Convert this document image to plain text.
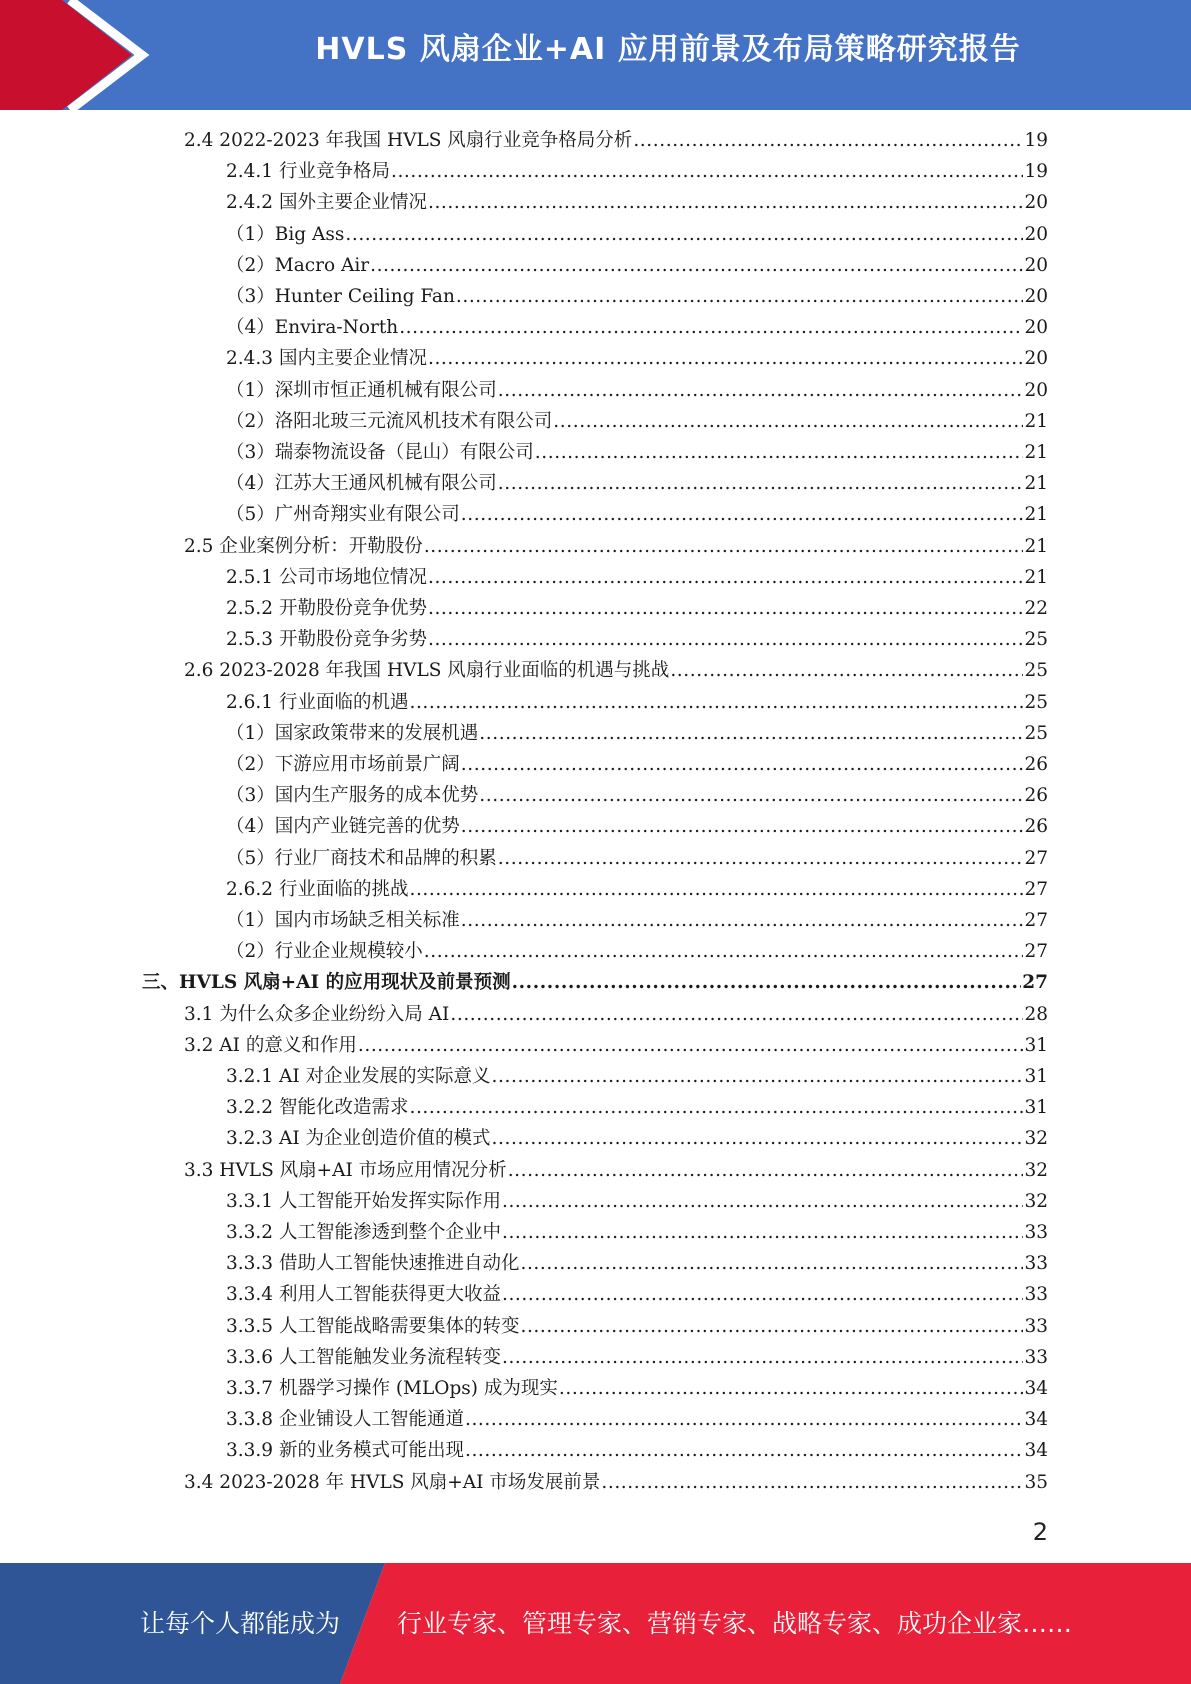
HVLS 风扇企业+AI 应用前景及布局策略研究报告
2.4 2022-2023 年我国 HVLS 风扇行业竞争格局分析 .....	19
2.4.1 行业竞争格局 .....	19
2.4.2 国外主要企业情况 .....	20
（1）Big Ass .....	20
（2）Macro Air .....	20
（3）Hunter Ceiling Fan .....	20
（4）Envira-North .....	20
2.4.3 国内主要企业情况 .....	20
（1）深圳市恒正通机械有限公司 .....	20
（2）洛阳北玻三元流风机技术有限公司 .....	21
（3）瑞泰物流设备（昆山）有限公司 .....	21
（4）江苏大王通风机械有限公司 .....	21
（5）广州奇翔实业有限公司 .....	21
2.5 企业案例分析：开勒股份 .....	21
2.5.1 公司市场地位情况 .....	21
2.5.2 开勒股份竞争优势 .....	22
2.5.3 开勒股份竞争劣势 .....	25
2.6 2023-2028 年我国 HVLS 风扇行业面临的机遇与挑战 .....	25
2.6.1 行业面临的机遇 .....	25
（1）国家政策带来的发展机遇 .....	25
（2）下游应用市场前景广阔 .....	26
（3）国内生产服务的成本优势 .....	26
（4）国内产业链完善的优势 .....	26
（5）行业厂商技术和品牌的积累 .....	27
2.6.2 行业面临的挑战 .....	27
（1）国内市场缺乏相关标准 .....	27
（2）行业企业规模较小 .....	27
三、HVLS 风扇+AI 的应用现状及前景预测 .....	27
3.1 为什么众多企业纷纷入局 AI .....	28
3.2 AI 的意义和作用 .....	31
3.2.1 AI 对企业发展的实际意义 .....	31
3.2.2 智能化改造需求 .....	31
3.2.3 AI 为企业创造价值的模式 .....	32
3.3 HVLS 风扇+AI 市场应用情况分析 .....	32
3.3.1 人工智能开始发挥实际作用 .....	32
3.3.2 人工智能渗透到整个企业中 .....	33
3.3.3 借助人工智能快速推进自动化 .....	33
3.3.4 利用人工智能获得更大收益 .....	33
3.3.5 人工智能战略需要集体的转变 .....	33
3.3.6 人工智能触发业务流程转变 .....	33
3.3.7 机器学习操作 (MLOps) 成为现实 .....	34
3.3.8 企业铺设人工智能通道 .....	34
3.3.9 新的业务模式可能出现 .....	34
3.4 2023-2028 年 HVLS 风扇+AI 市场发展前景 .....	35
2
让每个人都能成为 行业专家、管理专家、营销专家、战略专家、成功企业家……
